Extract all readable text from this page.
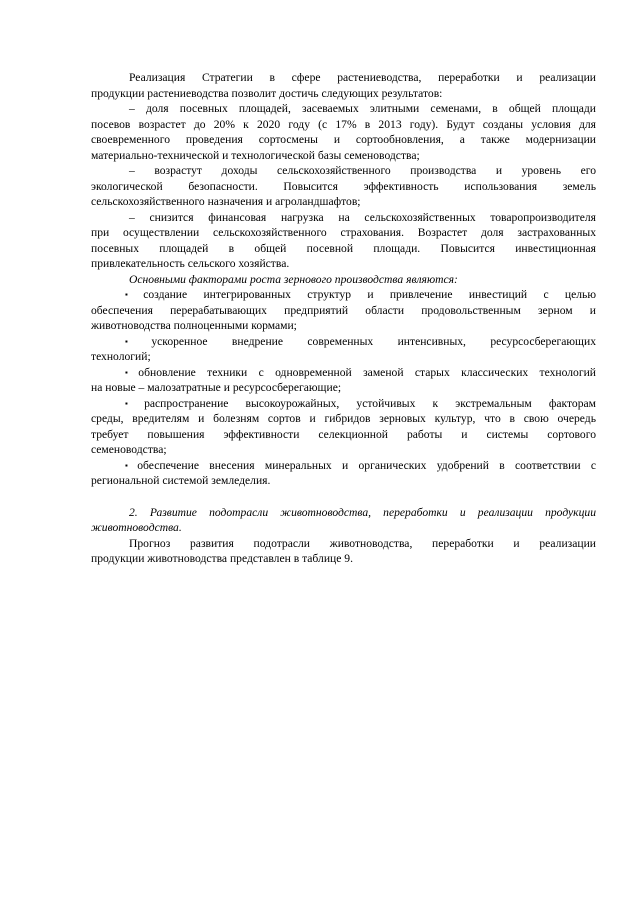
Реализация Стратегии в сфере растениеводства, переработки и реализации
продукции растениеводства позволит достичь следующих результатов:
– доля посевных площадей, засеваемых элитными семенами, в общей площади
посевов возрастет до 20% к 2020 году (с 17% в 2013 году). Будут созданы условия для
своевременного проведения сортосмены и сортообновления, а также модернизации
материально-технической и технологической базы семеноводства;
– возрастут доходы сельскохозяйственного производства и уровень его
экологической безопасности. Повысится эффективность использования земель
сельскохозяйственного назначения и агроландшафтов;
– снизится финансовая нагрузка на сельскохозяйственных товаропроизводителя
при осуществлении сельскохозяйственного страхования. Возрастет доля застрахованных
посевных площадей в общей посевной площади. Повысится инвестиционная
привлекательность сельского хозяйства.
Основными факторами роста зернового производства являются:
▪ создание интегрированных структур и привлечение инвестиций с целью
обеспечения перерабатывающих предприятий области продовольственным зерном и
животноводства полноценными кормами;
▪ ускоренное внедрение современных интенсивных, ресурсосберегающих
технологий;
▪ обновление техники с одновременной заменой старых классических технологий
на новые – малозатратные и ресурсосберегающие;
▪ распространение высокоурожайных, устойчивых к экстремальным факторам
среды, вредителям и болезням сортов и гибридов зерновых культур, что в свою очередь
требует повышения эффективности селекционной работы и системы сортового
семеноводства;
▪ обеспечение внесения минеральных и органических удобрений в соответствии с
региональной системой земледелия.
2. Развитие подотрасли животноводства, переработки и реализации продукции
животноводства.
Прогноз развития подотрасли животноводства, переработки и реализации
продукции животноводства представлен в таблице 9.
